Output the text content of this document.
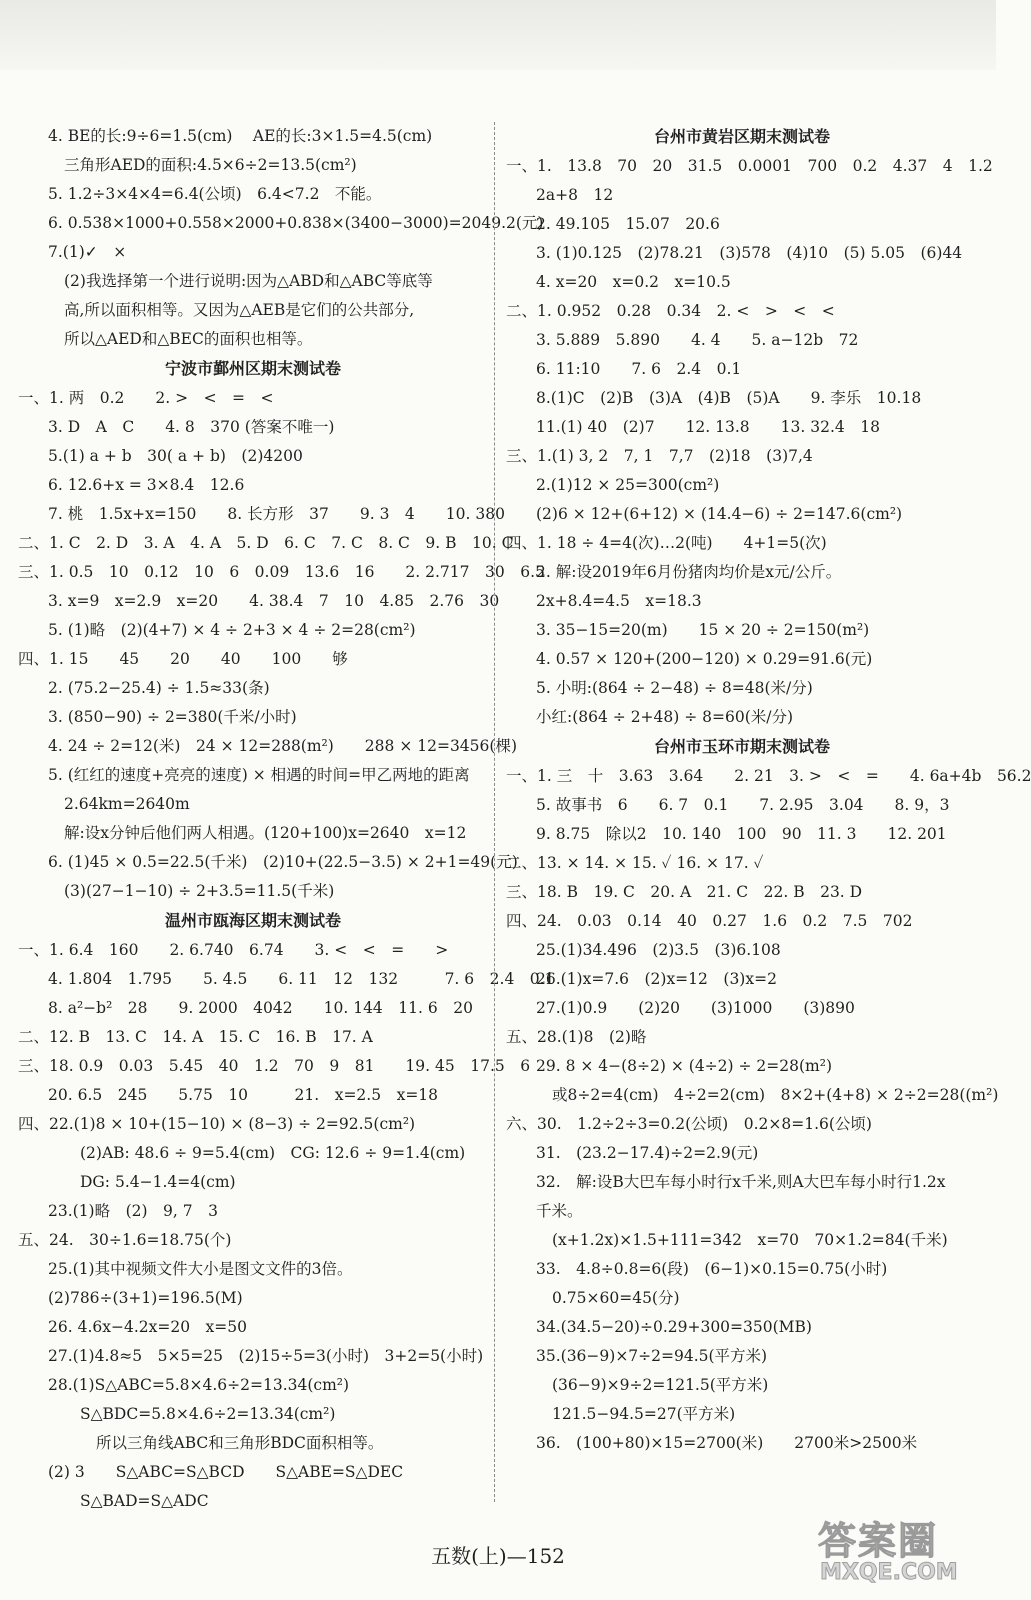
4. BE的长:9÷6=1.5(cm)　 AE的长:3×1.5=4.5(cm)
三角形AED的面积:4.5×6÷2=13.5(cm²)
5. 1.2÷3×4×4=6.4(公顷)　6.4<7.2　不能。
6. 0.538×1000+0.558×2000+0.838×(3400−3000)=2049.2(元)
7.(1)✓　×
(2)我选择第一个进行说明:因为△ABD和△ABC等底等
高,所以面积相等。又因为△AEB是它们的公共部分,
所以△AED和△BEC的面积也相等。
宁波市鄞州区期末测试卷
一、1. 两　0.2　　2. >　<　=　<
3. D　A　C　　4. 8　370 (答案不唯一)
5.(1) a + b　30( a + b)　(2)4200
6. 12.6+x = 3×8.4　12.6
7. 桃　1.5x+x=150　　8. 长方形　37　　9. 3　4　　10. 380
二、1. C　2. D　3. A　4. A　5. D　6. C　7. C　8. C　9. B　10. C
三、1. 0.5　10　0.12　10　6　0.09　13.6　16　　2. 2.717　30　6.5
3. x=9　x=2.9　x=20　　4. 38.4　7　10　4.85　2.76　30
5. (1)略　(2)(4+7) × 4 ÷ 2+3 × 4 ÷ 2=28(cm²)
四、1. 15　　45　　20　　40　　100　　够
2. (75.2−25.4) ÷ 1.5≈33(条)
3. (850−90) ÷ 2=380(千米/小时)
4. 24 ÷ 2=12(米)　24 × 12=288(m²)　　288 × 12=3456(棵)
5. (红红的速度+亮亮的速度) × 相遇的时间=甲乙两地的距离
2.64km=2640m
解:设x分钟后他们两人相遇。(120+100)x=2640　x=12
6. (1)45 × 0.5=22.5(千米)　(2)10+(22.5−3.5) × 2+1=49(元)
(3)(27−1−10) ÷ 2+3.5=11.5(千米)
温州市瓯海区期末测试卷
一、1. 6.4　160　　2. 6.740　6.74　　3. <　<　=　　>
4. 1.804　1.795　　5. 4.5　　6. 11　12　132　　　7. 6　2.4　0.1
8. a²−b²　28　　9. 2000　4042　　10. 144　11. 6　20
二、12. B　13. C　14. A　15. C　16. B　17. A
三、18. 0.9　0.03　5.45　40　1.2　70　9　81　　19. 45　17.5　6
20. 6.5　245　　5.75　10　　　21.　x=2.5　x=18
四、22.(1)8 × 10+(15−10) × (8−3) ÷ 2=92.5(cm²)
(2)AB: 48.6 ÷ 9=5.4(cm)　CG: 12.6 ÷ 9=1.4(cm)
DG: 5.4−1.4=4(cm)
23.(1)略　(2)　9, 7　3
五、24.　30÷1.6=18.75(个)
25.(1)其中视频文件大小是图文文件的3倍。
(2)786÷(3+1)=196.5(M)
26. 4.6x−4.2x=20　x=50
27.(1)4.8≈5　5×5=25　(2)15÷5=3(小时)　3+2=5(小时)
28.(1)S△ABC=5.8×4.6÷2=13.34(cm²)
S△BDC=5.8×4.6÷2=13.34(cm²)
所以三角线ABC和三角形BDC面积相等。
(2) 3　　S△ABC=S△BCD　　S△ABE=S△DEC
S△BAD=S△ADC
台州市黄岩区期末测试卷
一、1.　13.8　70　20　31.5　0.0001　700　0.2　4.37　4　1.2
2a+8　12
2. 49.105　15.07　20.6
3. (1)0.125　(2)78.21　(3)578　(4)10　(5) 5.05　(6)44
4. x=20　x=0.2　x=10.5
二、1. 0.952　0.28　0.34　2. <　>　<　<
3. 5.889　5.890　　4. 4　　5. a−12b　72
6. 11:10　　7. 6　2.4　0.1
8.(1)C　(2)B　(3)A　(4)B　(5)A　　9. 李乐　10.18
11.(1) 40　(2)7　　12. 13.8　　13. 32.4　18
三、1.(1) 3, 2　7, 1　7,7　(2)18　(3)7,4
2.(1)12 × 25=300(cm²)
(2)6 × 12+(6+12) × (14.4−6) ÷ 2=147.6(cm²)
四、1. 18 ÷ 4=4(次)…2(吨)　　4+1=5(次)
2. 解:设2019年6月份猪肉均价是x元/公斤。
2x+8.4=4.5　x=18.3
3. 35−15=20(m)　　15 × 20 ÷ 2=150(m²)
4. 0.57 × 120+(200−120) × 0.29=91.6(元)
5. 小明:(864 ÷ 2−48) ÷ 8=48(米/分)
小红:(864 ÷ 2+48) ÷ 8=60(米/分)
台州市玉环市期末测试卷
一、1. 三　十　3.63　3.64　　2. 21　3. >　<　=　　4. 6a+4b　56.2
5. 故事书　6　　6. 7　0.1　　7. 2.95　3.04　　8. 9，3
9. 8.75　除以2　10. 140　100　90　11. 3　　12. 201
二、13. × 14. × 15. ✓ 16. × 17. ✓
三、18. B　19. C　20. A　21. C　22. B　23. D
四、24.　0.03　0.14　40　0.27　1.6　0.2　7.5　702
25.(1)34.496　(2)3.5　(3)6.108
26.(1)x=7.6　(2)x=12　(3)x=2
27.(1)0.9　　(2)20　　(3)1000　　(3)890
五、28.(1)8　(2)略
29. 8 × 4−(8÷2) × (4÷2) ÷ 2=28(m²)
或8÷2=4(cm)　4÷2=2(cm)　8×2+(4+8) × 2÷2=28((m²)
六、30.　1.2÷2÷3=0.2(公顷)　0.2×8=1.6(公顷)
31.　(23.2−17.4)÷2=2.9(元)
32.　解:设B大巴车每小时行x千米,则A大巴车每小时行1.2x
千米。
(x+1.2x)×1.5+111=342　x=70　70×1.2=84(千米)
33.　4.8÷0.8=6(段)　(6−1)×0.15=0.75(小时)
0.75×60=45(分)
34.(34.5−20)÷0.29+300=350(MB)
35.(36−9)×7÷2=94.5(平方米)
(36−9)×9÷2=121.5(平方米)
121.5−94.5=27(平方米)
36.　(100+80)×15=2700(米)　　2700米>2500米
五数(上)—152	答案圈
MXQE.COM
